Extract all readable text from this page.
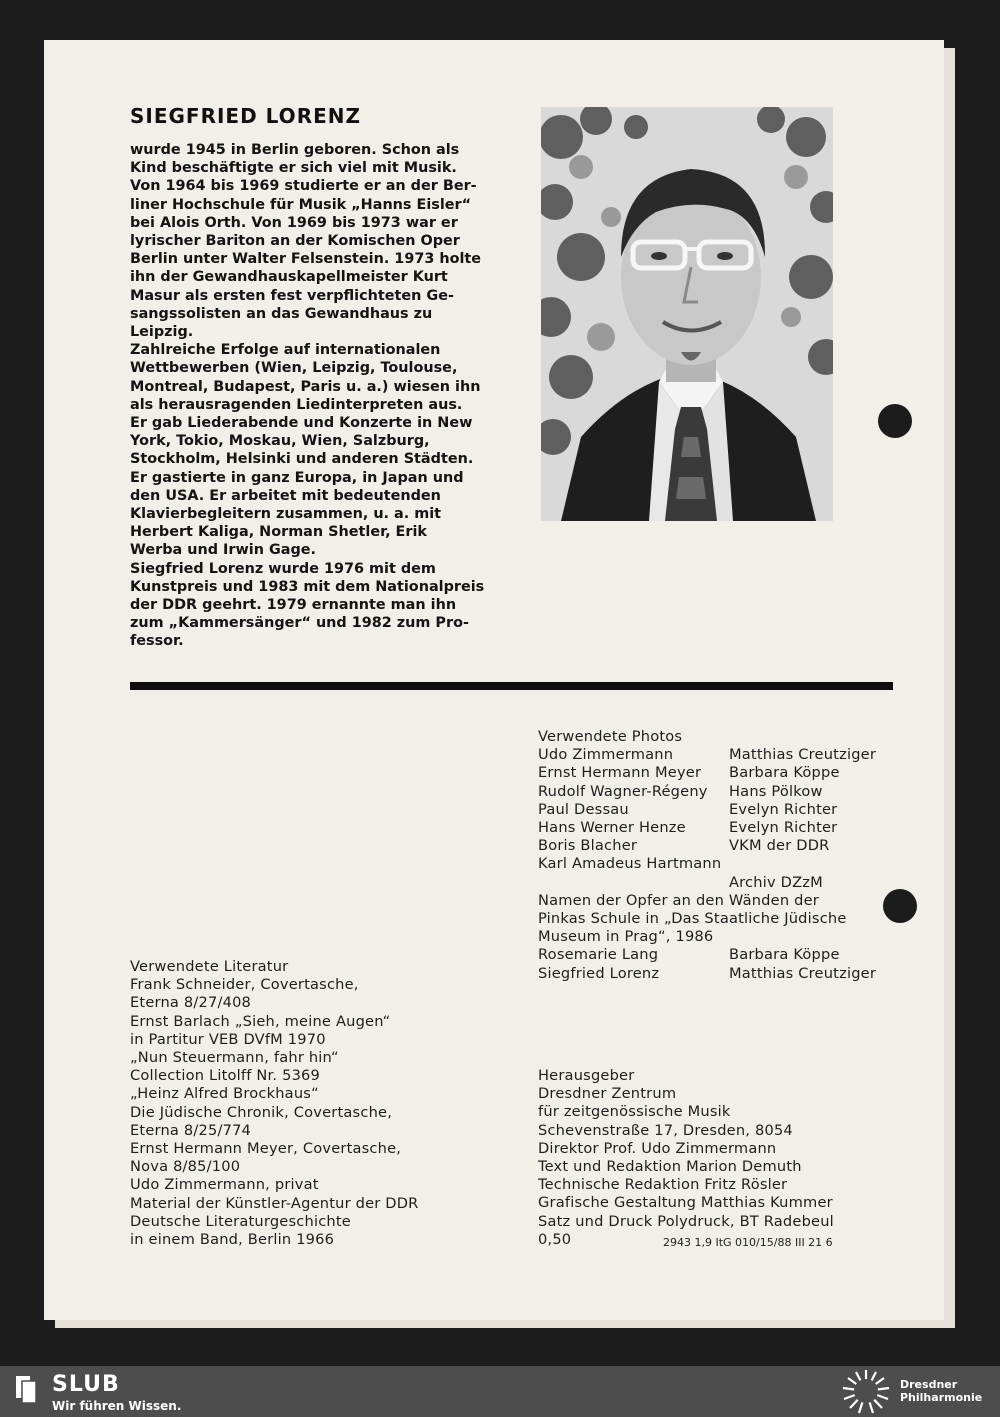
SIEGFRIED LORENZ

wurde 1945 in Berlin geboren. Schon als

Kind beschäftigte er sich viel mit Musik.

Von 1964 bis 1969 studierte er an der Ber-

liner Hochschule für Musik „Hanns Eisler“

bei Alois Orth. Von 1969 bis 1973 war er

lyrischer Bariton an der Komischen Oper

Berlin unter Walter Felsenstein. 1973 holte

ihn der Gewandhauskapellmeister Kurt

Masur als ersten fest verpflichteten Ge-

sangssolisten an das Gewandhaus zu

Leipzig.

Zahlreiche Erfolge auf internationalen

Wettbewerben (Wien, Leipzig, Toulouse,

Montreal, Budapest, Paris u. a.) wiesen ihn

als herausragenden Liedinterpreten aus.

Er gab Liederabende und Konzerte in New

York, Tokio, Moskau, Wien, Salzburg,

Stockholm, Helsinki und anderen Städten.

Er gastierte in ganz Europa, in Japan und

den USA. Er arbeitet mit bedeutenden

Klavierbegleitern zusammen, u. a. mit

Herbert Kaliga, Norman Shetler, Erik

Werba und Irwin Gage.

Siegfried Lorenz wurde 1976 mit dem

Kunstpreis und 1983 mit dem Nationalpreis

der DDR geehrt. 1979 ernannte man ihn

zum „Kammersänger“ und 1982 zum Pro-

fessor.

Verwendete Photos
Udo Zimmermann	Matthias Creutziger
Ernst Hermann Meyer	Barbara Köppe
Rudolf Wagner-Régeny	Hans Pölkow
Paul Dessau	Evelyn Richter
Hans Werner Henze	Evelyn Richter
Boris Blacher	VKM der DDR
Karl Amadeus Hartmann
Archiv DZzM
Namen der Opfer an den Wänden der
Pinkas Schule in „Das Staatliche Jüdische
Museum in Prag“, 1986
Rosemarie Lang	Barbara Köppe
Siegfried Lorenz	Matthias Creutziger
Verwendete Literatur
Frank Schneider, Covertasche,
Eterna 8/27/408
Ernst Barlach „Sieh, meine Augen“
in Partitur VEB DVfM 1970
„Nun Steuermann, fahr hin“
Collection Litolff Nr. 5369
„Heinz Alfred Brockhaus“
Die Jüdische Chronik, Covertasche,
Eterna 8/25/774
Ernst Hermann Meyer, Covertasche,
Nova 8/85/100
Udo Zimmermann, privat
Material der Künstler-Agentur der DDR
Deutsche Literaturgeschichte
in einem Band, Berlin 1966
Herausgeber
Dresdner Zentrum
für zeitgenössische Musik
Schevenstraße 17, Dresden, 8054
Direktor Prof. Udo Zimmermann
Text und Redaktion Marion Demuth
Technische Redaktion Fritz Rösler
Grafische Gestaltung Matthias Kummer
Satz und Druck Polydruck, BT Radebeul
0,50	2943 1,9 ItG 010/15/88 III 21 6
SLUB
Wir führen Wissen.
Dresdner
Philharmonie
